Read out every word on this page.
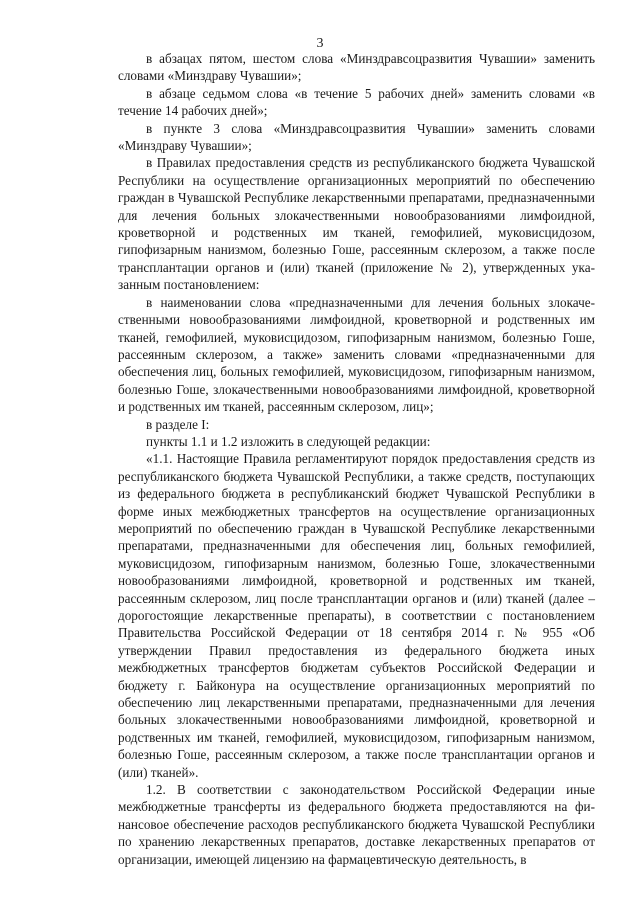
3

в абзацах пятом, шестом слова «Минздравсоцразвития Чувашии» заменить словами «Минздраву Чувашии»;

в абзаце седьмом слова «в течение 5 рабочих дней» заменить словами «в течение 14 рабочих дней»;

в пункте 3 слова «Минздравсоцразвития Чувашии» заменить словами «Минздраву Чувашии»;

в Правилах предоставления средств из республиканского бюджета Чувашской Республики на осуществление организационных мероприятий по обеспечению граждан в Чувашской Республике лекарственными препаратами, предназначенными для лечения больных злокачественными новообразованиями лимфоидной, кроветворной и родственных им тканей, гемофилией, муковисцидозом, гипофизарным нанизмом, болезнью Гоше, рассеянным склерозом, а также после трансплантации органов и (или) тканей (приложение № 2), утвержденных указанным постановлением:

в наименовании слова «предназначенными для лечения больных злокачественными новообразованиями лимфоидной, кроветворной и родственных им тканей, гемофилией, муковисцидозом, гипофизарным нанизмом, болезнью Гоше, рассеянным склерозом, а также» заменить словами «предназначенными для обеспечения лиц, больных гемофилией, муковисцидозом, гипофизарным нанизмом, болезнью Гоше, злокачественными новообразованиями лимфоидной, кроветворной и родственных им тканей, рассеянным склерозом, лиц»;

в разделе I:

пункты 1.1 и 1.2 изложить в следующей редакции:

«1.1. Настоящие Правила регламентируют порядок предоставления средств из республиканского бюджета Чувашской Республики, а также средств, поступающих из федерального бюджета в республиканский бюджет Чувашской Республики в форме иных межбюджетных трансфертов на осуществление организационных мероприятий по обеспечению граждан в Чувашской Республике лекарственными препаратами, предназначенными для обеспечения лиц, больных гемофилией, муковисцидозом, гипофизарным нанизмом, болезнью Гоше, злокачественными новообразованиями лимфоидной, кроветворной и родственных им тканей, рассеянным склерозом, лиц после трансплантации органов и (или) тканей (далее – дорогостоящие лекарственные препараты), в соответствии с постановлением Правительства Российской Федерации от 18 сентября 2014 г. № 955 «Об утверждении Правил предоставления из федерального бюджета иных межбюджетных трансфертов бюджетам субъектов Российской Федерации и бюджету г. Байконура на осуществление организационных мероприятий по обеспечению лиц лекарственными препаратами, предназначенными для лечения больных злокачественными новообразованиями лимфоидной, кроветворной и родственных им тканей, гемофилией, муковисцидозом, гипофизарным нанизмом, болезнью Гоше, рассеянным склерозом, а также после трансплантации органов и (или) тканей».

1.2. В соответствии с законодательством Российской Федерации иные межбюджетные трансферты из федерального бюджета предоставляются на финансовое обеспечение расходов республиканского бюджета Чувашской Республики по хранению лекарственных препаратов, доставке лекарственных препаратов от организации, имеющей лицензию на фармацевтическую деятельность, в
